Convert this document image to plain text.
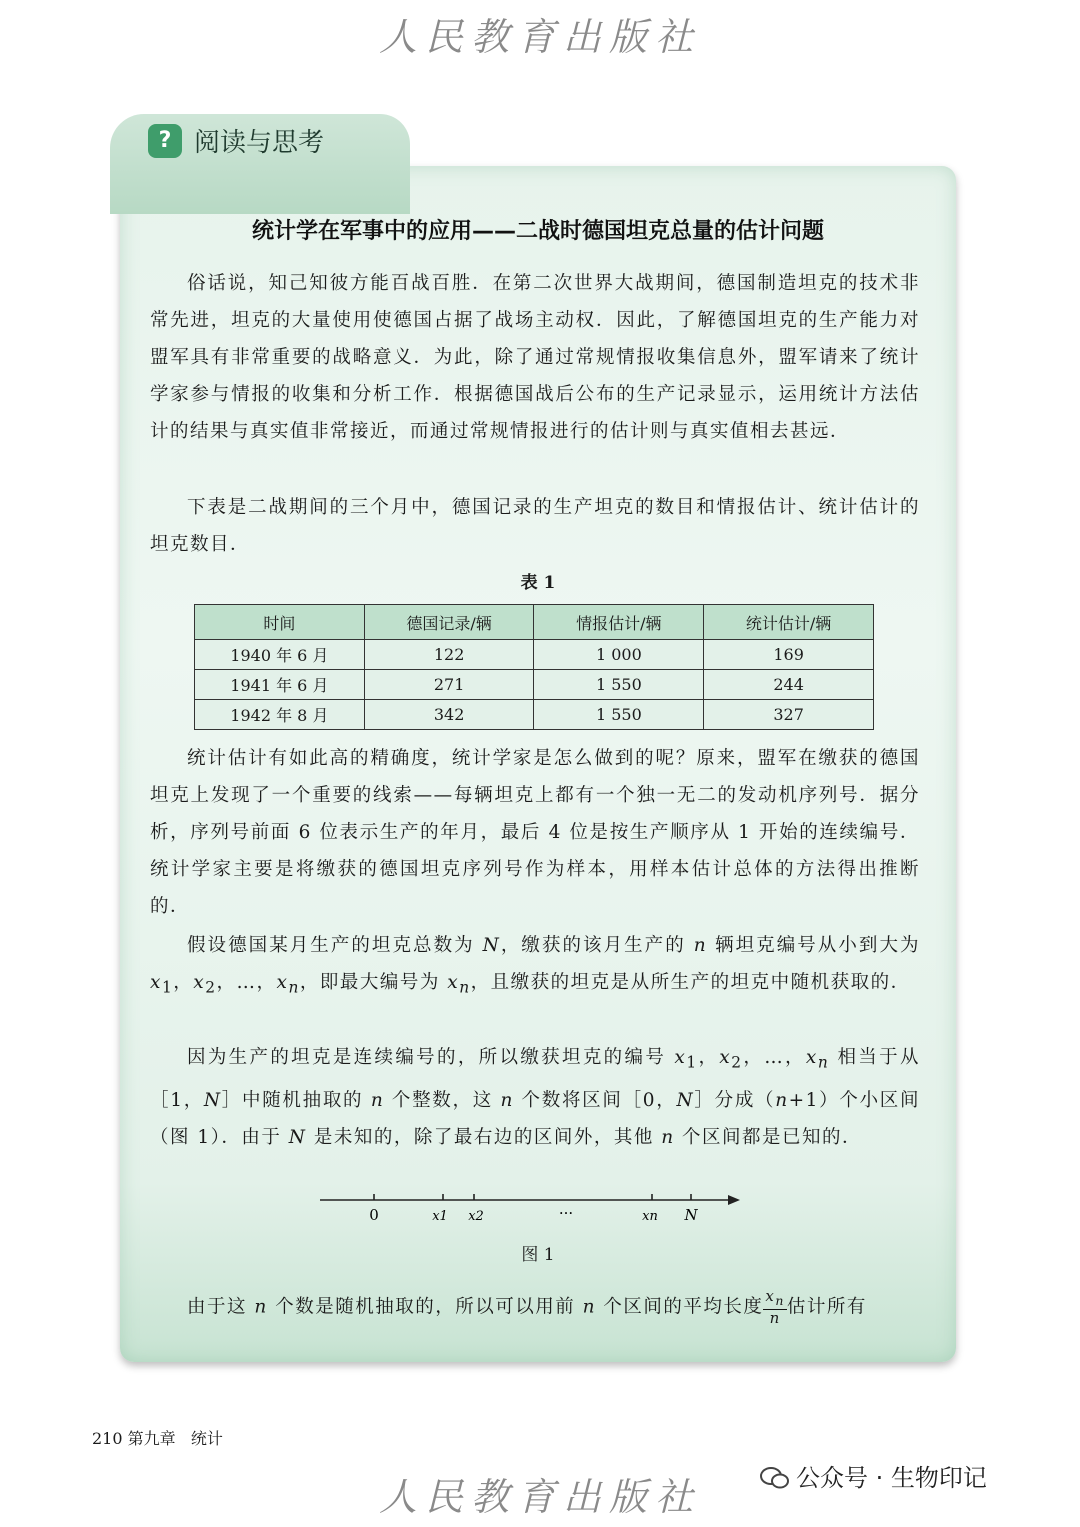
人民教育出版社
? 阅读与思考
统计学在军事中的应用——二战时德国坦克总量的估计问题

俗话说，知己知彼方能百战百胜．在第二次世界大战期间，德国制造坦克的技术非常先进，坦克的大量使用使德国占据了战场主动权．因此，了解德国坦克的生产能力对盟军具有非常重要的战略意义．为此，除了通过常规情报收集信息外，盟军请来了统计学家参与情报的收集和分析工作．根据德国战后公布的生产记录显示，运用统计方法估计的结果与真实值非常接近，而通过常规情报进行的估计则与真实值相去甚远．

下表是二战期间的三个月中，德国记录的生产坦克的数目和情报估计、统计估计的坦克数目．

表 1
时间	德国记录/辆	情报估计/辆	统计估计/辆
1940 年 6 月	122	1 000	169
1941 年 6 月	271	1 550	244
1942 年 8 月	342	1 550	327

统计估计有如此高的精确度，统计学家是怎么做到的呢？原来，盟军在缴获的德国坦克上发现了一个重要的线索——每辆坦克上都有一个独一无二的发动机序列号．据分析，序列号前面 6 位表示生产的年月，最后 4 位是按生产顺序从 1 开始的连续编号．统计学家主要是将缴获的德国坦克序列号作为样本，用样本估计总体的方法得出推断的．

假设德国某月生产的坦克总数为 N，缴获的该月生产的 n 辆坦克编号从小到大为 $x_1$，$x_2$，…，$x_n$，即最大编号为 $x_n$，且缴获的坦克是从所生产的坦克中随机获取的．

因为生产的坦克是连续编号的，所以缴获坦克的编号 $x_1$，$x_2$，…，$x_n$ 相当于从［1，N］中随机抽取的 n 个整数，这 n 个数将区间［0，N］分成（n+1）个小区间（图 1）．由于 N 是未知的，除了最右边的区间外，其他 n 个区间都是已知的．

0	x1 x2	···	xn N
图 1

由于这 n 个数是随机抽取的，所以可以用前 n 个区间的平均长度 $\frac{x_n}{n}$ 估计所有

210 第九章 统计
人民教育出版社	公众号 · 生物印记
